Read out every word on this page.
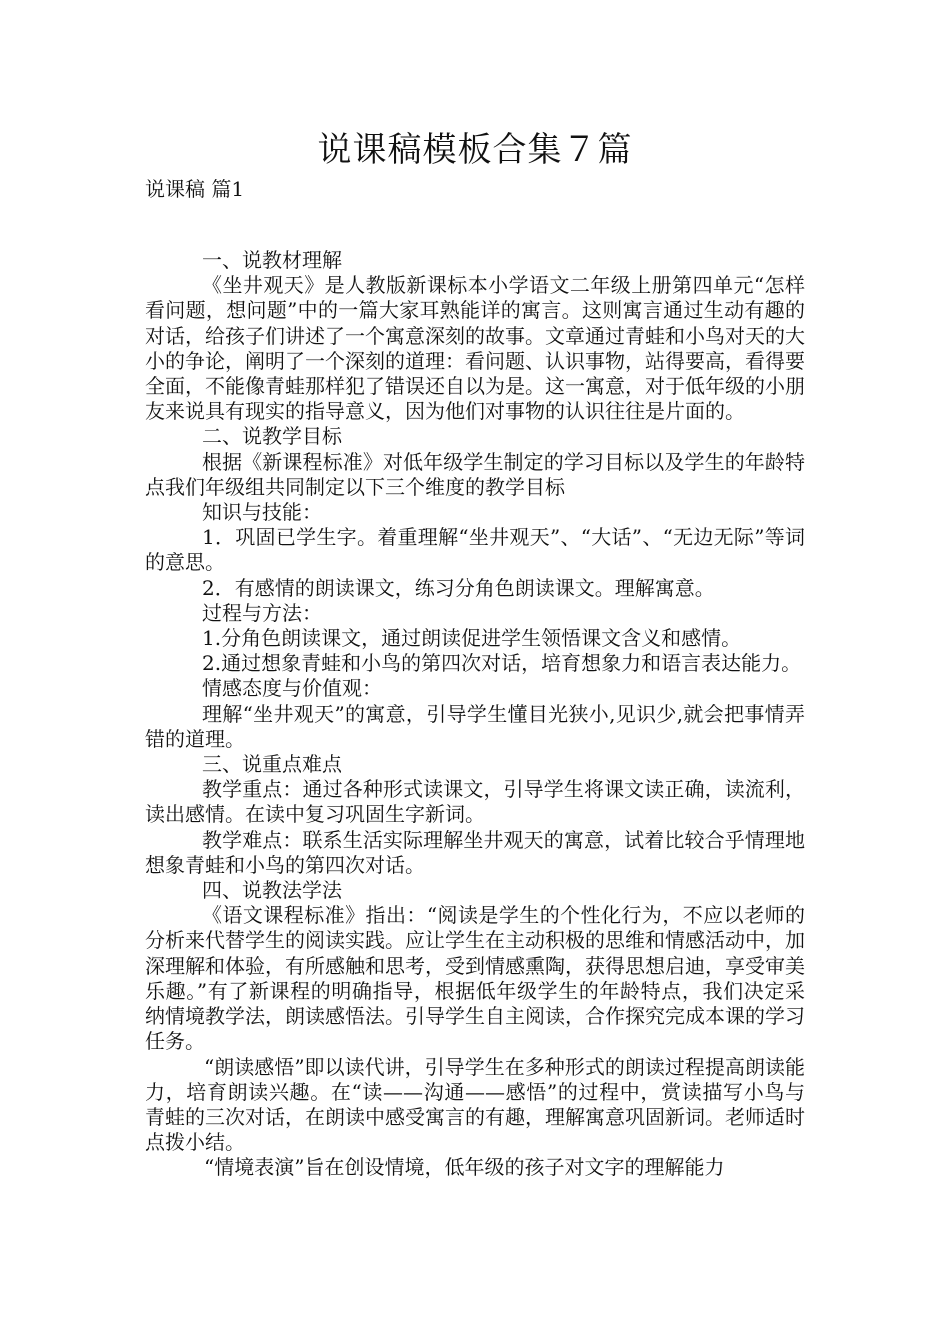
说课稿模板合集７篇
说课稿 篇1

一、说教材理解

《坐井观天》是人教版新课标本小学语文二年级上册第四单元“怎样看问题，想问题”中的一篇大家耳熟能详的寓言。这则寓言通过生动有趣的对话，给孩子们讲述了一个寓意深刻的故事。文章通过青蛙和小鸟对天的大小的争论，阐明了一个深刻的道理：看问题、认识事物，站得要高，看得要全面，不能像青蛙那样犯了错误还自以为是。这一寓意，对于低年级的小朋友来说具有现实的指导意义，因为他们对事物的认识往往是片面的。

二、说教学目标

根据《新课程标准》对低年级学生制定的学习目标以及学生的年龄特点我们年级组共同制定以下三个维度的教学目标

知识与技能：

1．巩固已学生字。着重理解“坐井观天”、“大话”、“无边无际”等词的意思。

2．有感情的朗读课文，练习分角色朗读课文。理解寓意。

过程与方法：

1.分角色朗读课文，通过朗读促进学生领悟课文含义和感情。

2.通过想象青蛙和小鸟的第四次对话，培育想象力和语言表达能力。

情感态度与价值观：

理解“坐井观天”的寓意，引导学生懂目光狭小,见识少,就会把事情弄错的道理。

三、说重点难点

教学重点：通过各种形式读课文，引导学生将课文读正确，读流利，读出感情。在读中复习巩固生字新词。

教学难点：联系生活实际理解坐井观天的寓意，试着比较合乎情理地想象青蛙和小鸟的第四次对话。

四、说教法学法

《语文课程标准》指出：“阅读是学生的个性化行为，不应以老师的分析来代替学生的阅读实践。应让学生在主动积极的思维和情感活动中，加深理解和体验，有所感触和思考，受到情感熏陶，获得思想启迪，享受审美乐趣。”有了新课程的明确指导，根据低年级学生的年龄特点，我们决定采纳情境教学法，朗读感悟法。引导学生自主阅读，合作探究完成本课的学习任务。

“朗读感悟”即以读代讲，引导学生在多种形式的朗读过程提高朗读能力，培育朗读兴趣。在“读——沟通——感悟”的过程中，赏读描写小鸟与青蛙的三次对话，在朗读中感受寓言的有趣，理解寓意巩固新词。老师适时点拨小结。

“情境表演”旨在创设情境，低年级的孩子对文字的理解能力
